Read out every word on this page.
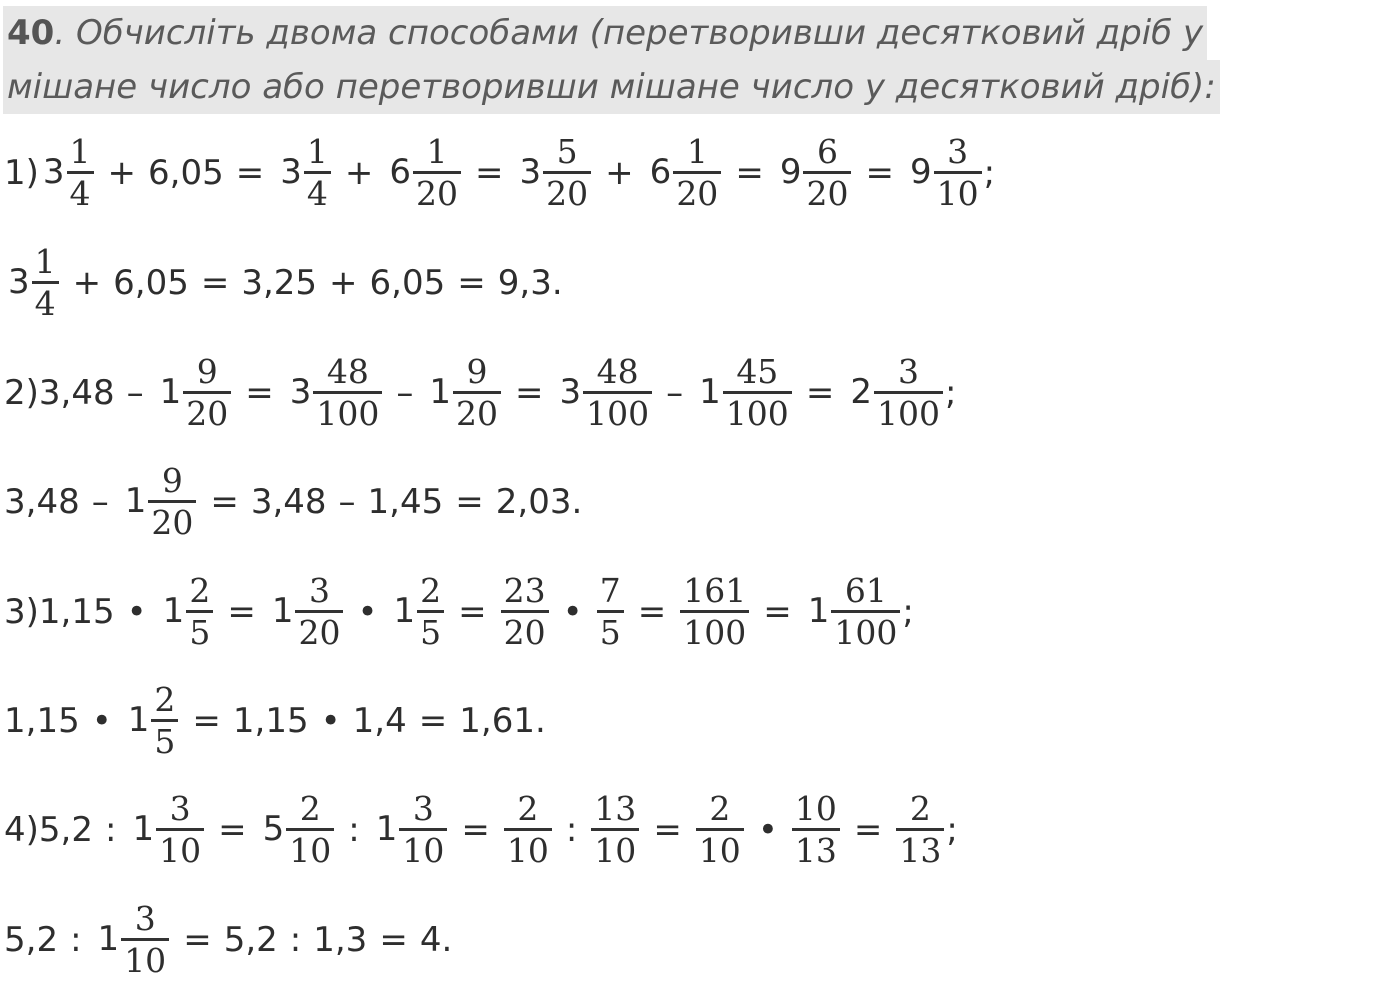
40. Обчисліть двома способами (перетворивши десятковий дріб у
мішане число або перетворивши мішане число у десятковий дріб):
1) $3 \frac{1}{4} + 6,05 = 3 \frac{1}{4} + 6 \frac{1}{20} = 3 \frac{5}{20} + 6 \frac{1}{20} = 9 \frac{6}{20} = 9 \frac{3}{10}$ ;
$3 \frac{1}{4} + 6,05 = 3,25 + 6,05 = 9,3$.
2) $3,48 - 1 \frac{9}{20} = 3 \frac{48}{100} - 1 \frac{9}{20} = 3 \frac{48}{100} - 1 \frac{45}{100} = 2 \frac{3}{100}$ ;
$3,48 - 1 \frac{9}{20} = 3,48 - 1,45 = 2,03$.
3) 1,15 • $1 \frac{2}{5} = 1 \frac{3}{20}$ • $1 \frac{2}{5} = \frac{23}{20}$ • $\frac{7}{5} = \frac{161}{100} = 1 \frac{61}{100}$ ;
1,15 • $1 \frac{2}{5} = 1,15$ • 1,4 = 1,61.
4) 5,2 : $1 \frac{3}{10} = 5 \frac{2}{10}$ : $1 \frac{3}{10} = \frac{2}{10}$ : $\frac{13}{10} = \frac{2}{10}$ • $\frac{10}{13} = \frac{2}{13}$ ;
5,2 : $1 \frac{3}{10} = 5,2$ : 1,3 = 4.
